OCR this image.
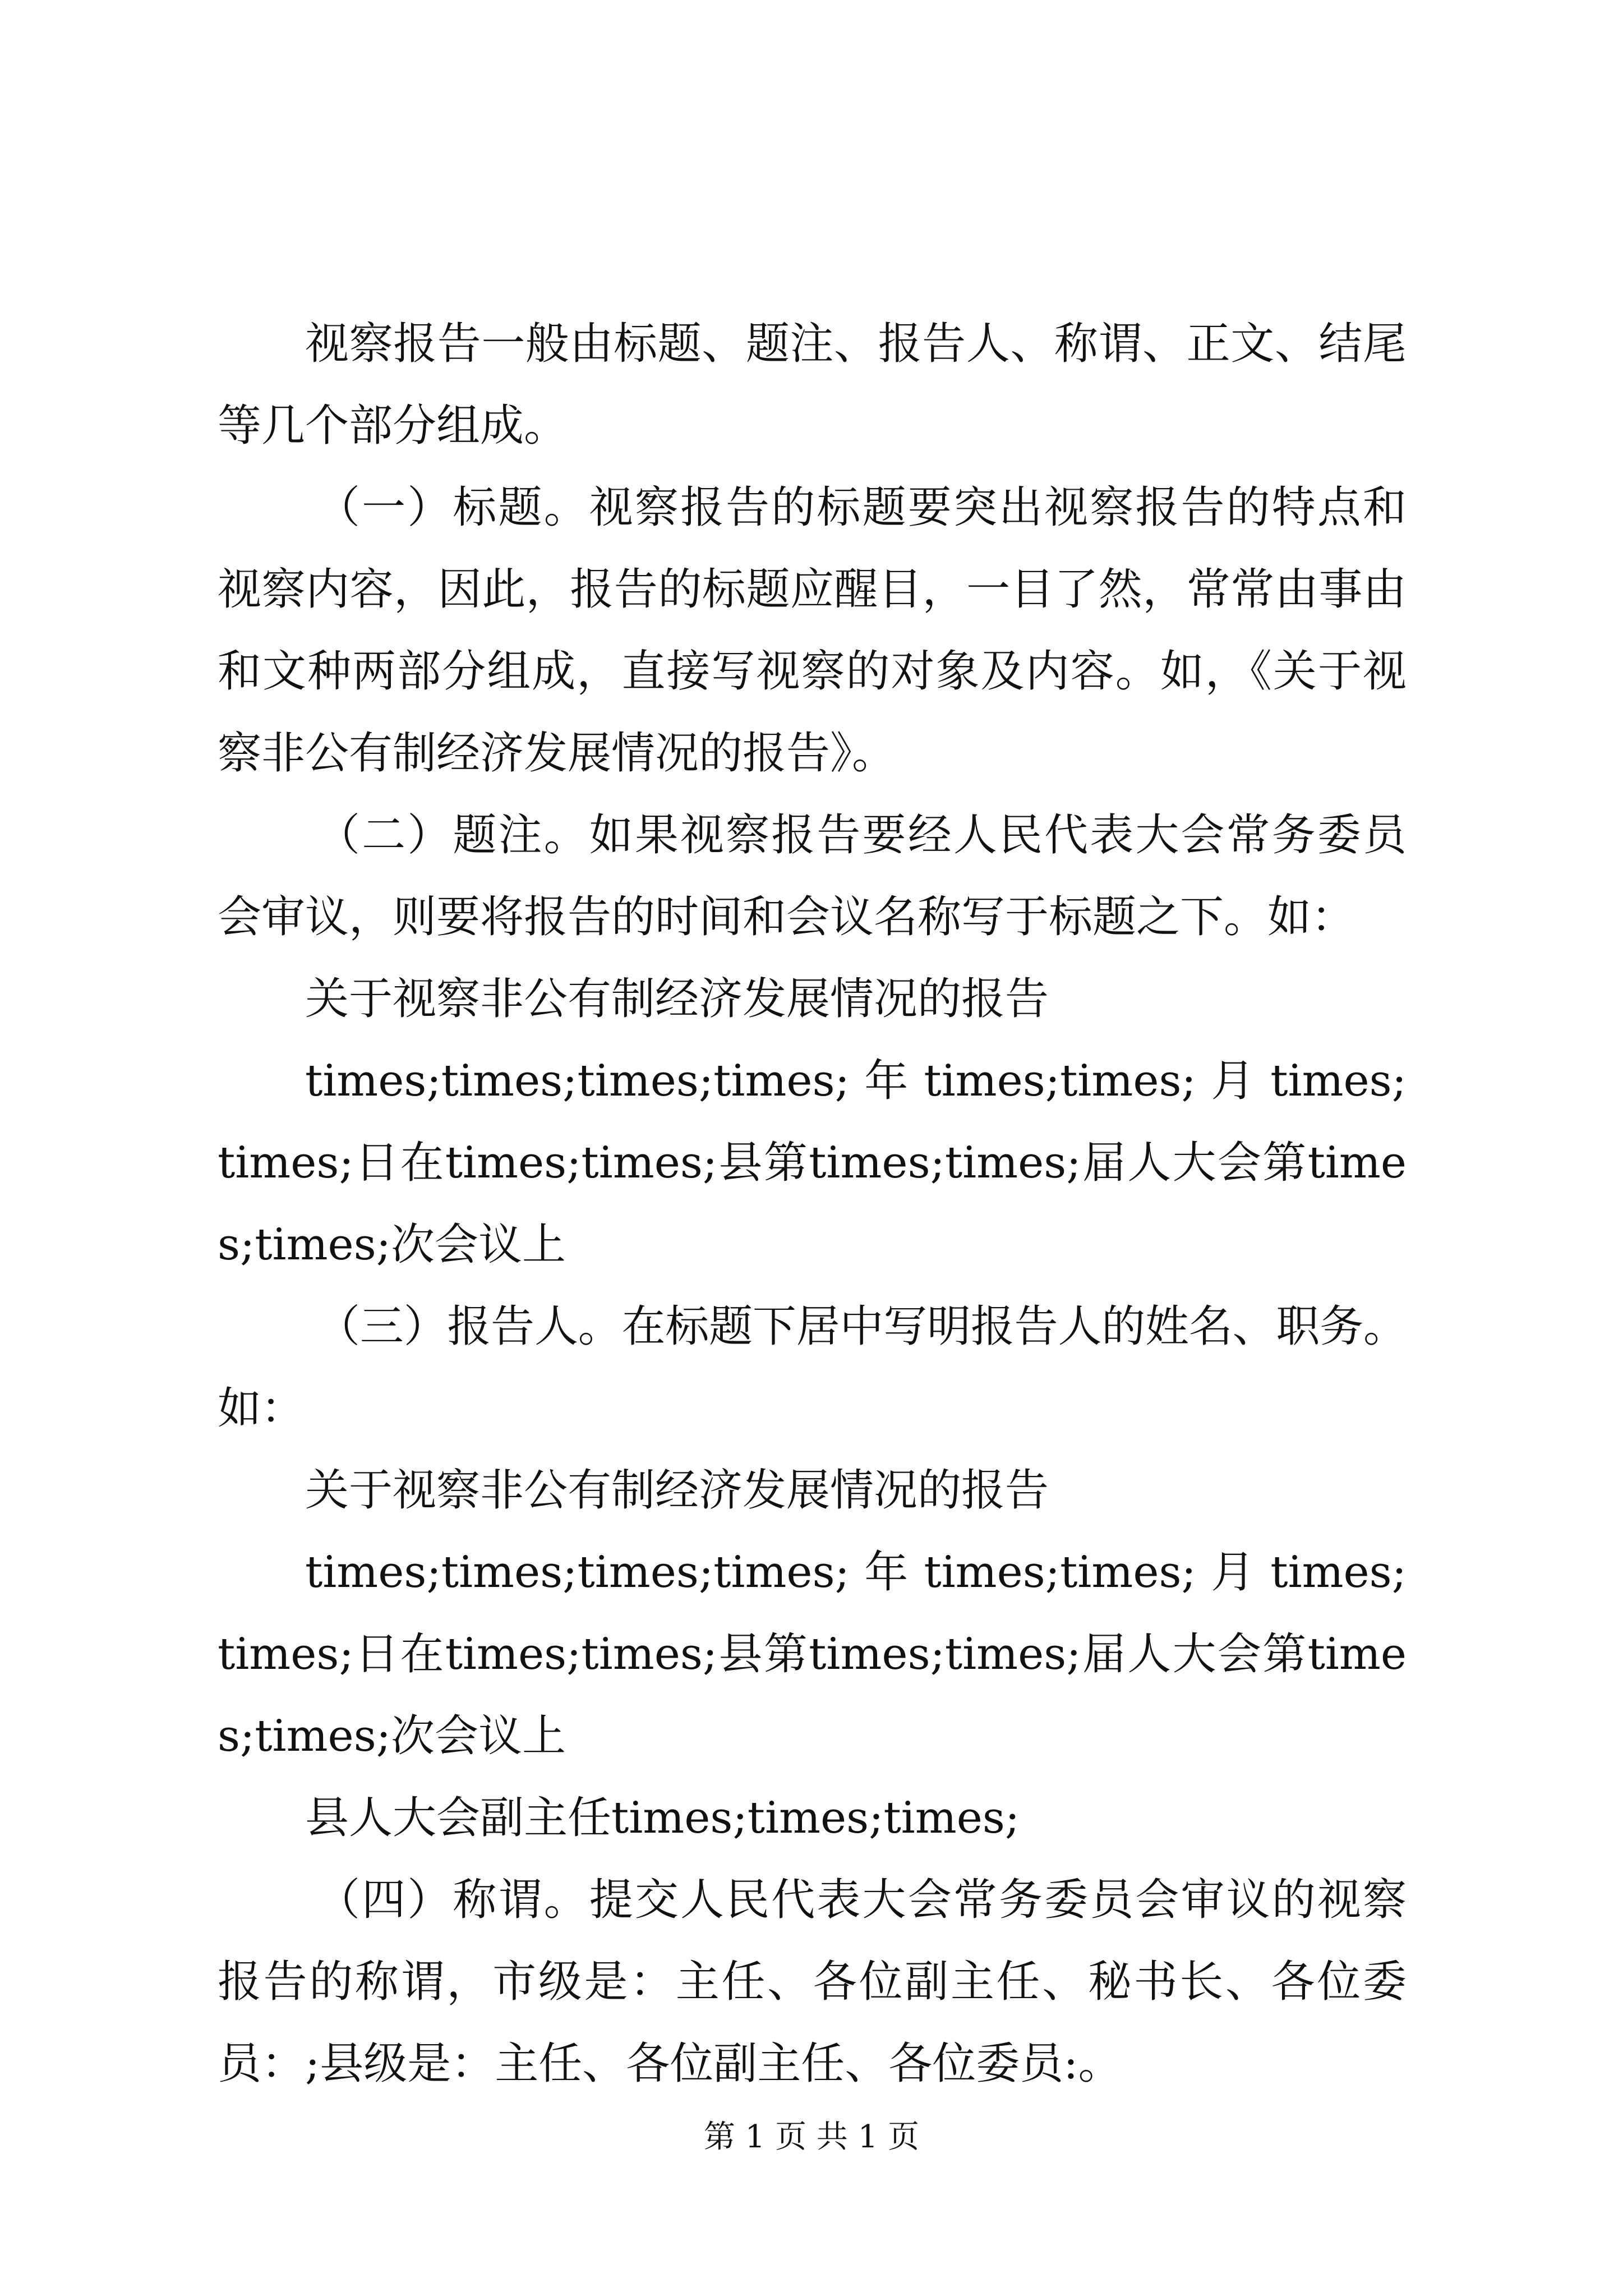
视察报告一般由标题、题注、报告人、称谓、正文、结尾等几个部分组成。

（一）标题。视察报告的标题要突出视察报告的特点和视察内容，因此，报告的标题应醒目，一目了然，常常由事由和文种两部分组成，直接写视察的对象及内容。如，《关于视察非公有制经济发展情况的报告》。

（二）题注。如果视察报告要经人民代表大会常务委员会审议，则要将报告的时间和会议名称写于标题之下。如：

关于视察非公有制经济发展情况的报告

times;times;times;times; 年 times;times; 月 times;times;日在times;times;县第times;times;届人大会第times;times;次会议上

（三）报告人。在标题下居中写明报告人的姓名、职务。如：

关于视察非公有制经济发展情况的报告

times;times;times;times; 年 times;times; 月 times;times;日在times;times;县第times;times;届人大会第times;times;次会议上

县人大会副主任times;times;times;

（四）称谓。提交人民代表大会常务委员会审议的视察报告的称谓，市级是：主任、各位副主任、秘书长、各位委员：;县级是：主任、各位副主任、各位委员:。

第 1 页 共 1 页
